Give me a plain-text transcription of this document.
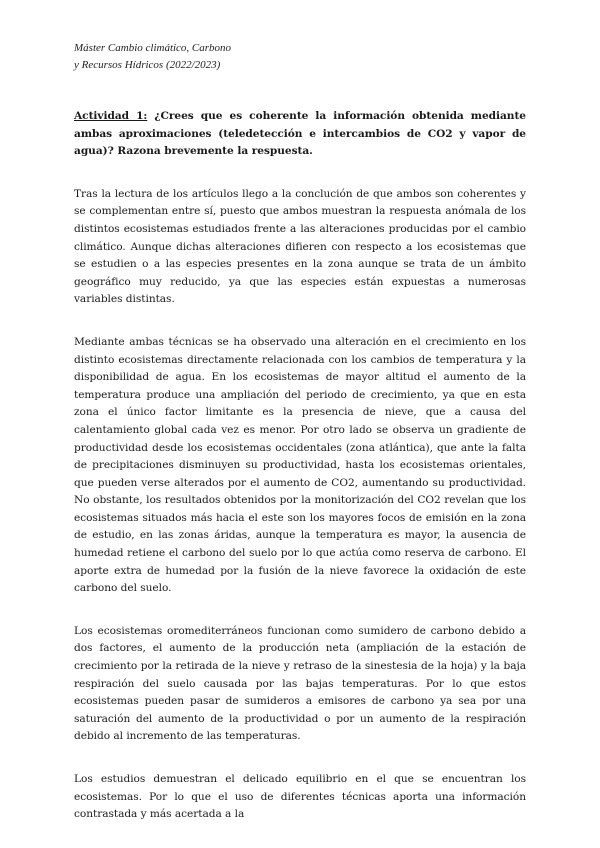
Máster Cambio climático, Carbono
y Recursos Hídricos (2022/2023)

Actividad 1: ¿Crees que es coherente la información obtenida mediante ambas aproximaciones (teledetección e intercambios de CO2 y vapor de agua)? Razona brevemente la respuesta.

Tras la lectura de los artículos llego a la conclución de que ambos son coherentes y se complementan entre sí, puesto que ambos muestran la respuesta anómala de los distintos ecosistemas estudiados frente a las alteraciones producidas por el cambio climático. Aunque dichas alteraciones difieren con respecto a los ecosistemas que se estudien o a las especies presentes en la zona aunque se trata de un ámbito geográfico muy reducido, ya que las especies están expuestas a numerosas variables distintas.

Mediante ambas técnicas se ha observado una alteración en el crecimiento en los distinto ecosistemas directamente relacionada con los cambios de temperatura y la disponibilidad de agua. En los ecosistemas de mayor altitud el aumento de la temperatura produce una ampliación del periodo de crecimiento, ya que en esta zona el único factor limitante es la presencia de nieve, que a causa del calentamiento global cada vez es menor. Por otro lado se observa un gradiente de productividad desde los ecosistemas occidentales (zona atlántica), que ante la falta de precipitaciones disminuyen su productividad, hasta los ecosistemas orientales, que pueden verse alterados por el aumento de CO2, aumentando su productividad. No obstante, los resultados obtenidos por la monitorización del CO2 revelan que los ecosistemas situados más hacia el este son los mayores focos de emisión en la zona de estudio, en las zonas áridas, aunque la temperatura es mayor, la ausencia de humedad retiene el carbono del suelo por lo que actúa como reserva de carbono. El aporte extra de humedad por la fusión de la nieve favorece la oxidación de este carbono del suelo.

Los ecosistemas oromediterráneos funcionan como sumidero de carbono debido a dos factores, el aumento de la producción neta (ampliación de la estación de crecimiento por la retirada de la nieve y retraso de la sinestesia de la hoja) y la baja respiración del suelo causada por las bajas temperaturas. Por lo que estos ecosistemas pueden pasar de sumideros a emisores de carbono ya sea por una saturación del aumento de la productividad o por un aumento de la respiración debido al incremento de las temperaturas.

Los estudios demuestran el delicado equilibrio en el que se encuentran los ecosistemas. Por lo que el uso de diferentes técnicas aporta una información contrastada y más acertada a la
